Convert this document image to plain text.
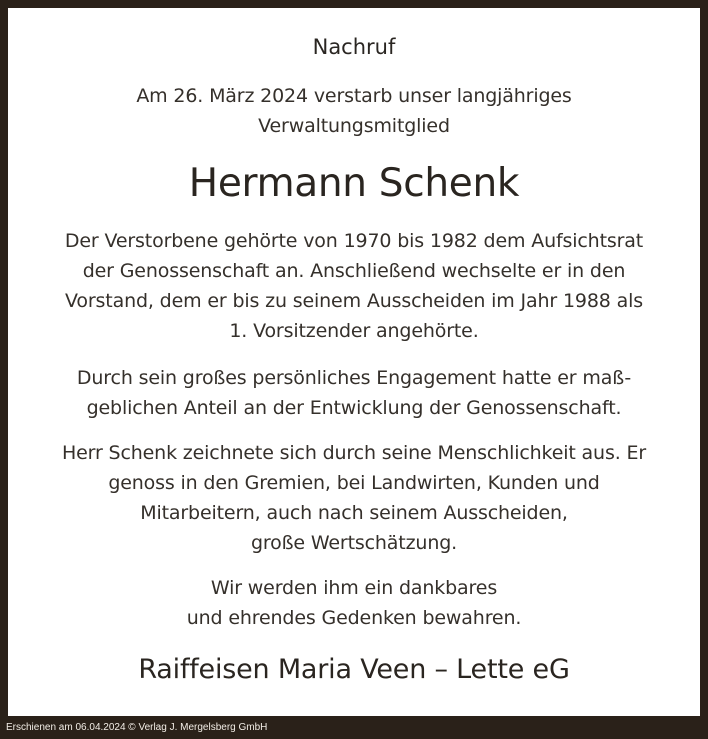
Nachruf
Am 26. März 2024 verstarb unser langjähriges
Verwaltungsmitglied
Hermann Schenk
Der Verstorbene gehörte von 1970 bis 1982 dem Aufsichtsrat
der Genossenschaft an. Anschließend wechselte er in den
Vorstand, dem er bis zu seinem Ausscheiden im Jahr 1988 als
1. Vorsitzender angehörte.
Durch sein großes persönliches Engagement hatte er maß-
geblichen Anteil an der Entwicklung der Genossenschaft.
Herr Schenk zeichnete sich durch seine Menschlichkeit aus. Er
genoss in den Gremien, bei Landwirten, Kunden und
Mitarbeitern, auch nach seinem Ausscheiden,
große Wertschätzung.
Wir werden ihm ein dankbares
und ehrendes Gedenken bewahren.
Raiffeisen Maria Veen – Lette eG
Erschienen am 06.04.2024 © Verlag J. Mergelsberg GmbH
